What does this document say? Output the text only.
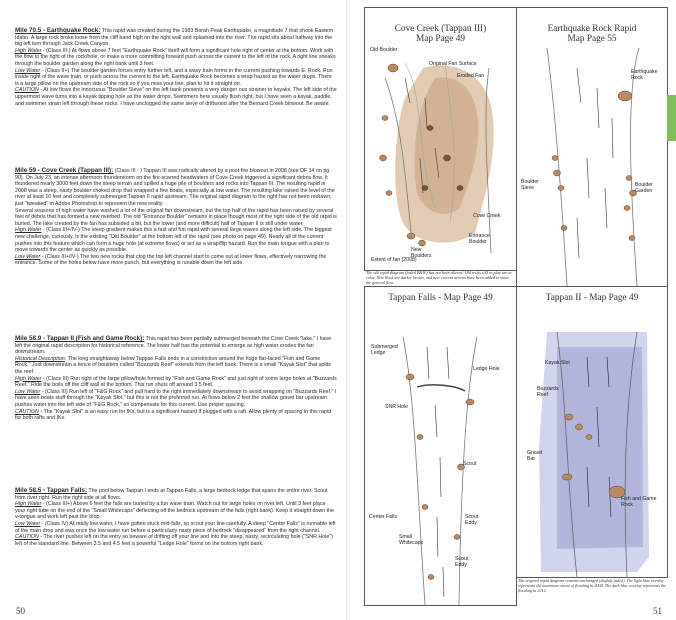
Mile 70.5 - Earthquake Rock: This rapid was created during the 1983 Borah Peak Earthquake, a magnitude 7 that shook Eastern Idaho. A large rock broke loose from the cliff band high on the right wall and splashed into the river. The rapid sits about halfway into the big left turn through Jack Creek Canyon.

High Water - (Class III-) At flows above 7 feet "Earthquake Rock" itself will form a significant hole right of center at the bottom. Work with the flow to the right of the rock/hole, or make a more committing forward push across the current to the left of the rock. A right line sneaks through the boulder garden along the right bank until 3 feet.

Low Water - (Class II+) The boulder garden forces entry further left, and a wavy train forms in the current pushing towards E. Rock. Run inside right of the wave train, or push across the current to the left. Earthquake Rock becomes a wrap hazard as the water drops. There is a large pillow on the upstream side of the rock so if you miss your line, plan to hit it straight on.

CAUTION - At low flows the innocuous "Boulder Sieve" on the left bank presents a very danger ous strainer to kayaks. The left side of the uppermost wave turns into a kayak tipping hole as the water drops. Swimmers here usually flush right, but I have seen a kayak, paddle, and swimmer strain left through these rocks. I have unclogged the same sieve of driftwood after the Bernard Creek blowout. Be aware.

Mile 59 - Cove Creek (Tappan III): (Class III - ) Tappan III was radically altered by a post-fire blowout in 2008 (see DF 14 on pg. 90). On July 23, an intense afternoon thunderstorm on the fire-scarred headwaters of Cove Creek triggered a significant debris flow. It thundered nearly 3000 feet down the steep terrain and spilled a huge pile of boulders and rocks into Tappan III. The resulting rapid in 2008 was a steep, nasty boulder choked drop that wrapped a few boats, especially at low water. The resulting lake raised the level of the river at least 10 feet and completely submerged Tappan II rapid upstream. The original rapid diagram to the right has not been redrawn, just "tweaked" in Adobe Photoshop to represent the new reality.

Several seasons of high water have washed a lot of the original fan downstream, but the top half of the rapid has been raised by several feet of debris that has formed a new riverbed. The old "Entrance Boulder" remains in place though most of the right side of the old rapid is buried. The lake created by the fan has subsided a bit, but the lower (and more difficult) half of Tappan II is still under water.

High Water - (Class III+/IV-) The steep gradient makes this a fast and fun rapid with several large waves along the left side. The biggest new challenge, curiously, is the existing "Old Boulder" at the bottom left of the rapid (see photo on page 49). Nearly all of the current pushes into this feature which can form a huge hole (at extreme flows) or act as a wrap/flip hazard. Run the main tongue with a plan to move towards the center as quickly as possible.

Low Water - (Class III+/IV-) The two new rocks that clog the top left channel start to come out at lower flows, effectively narrowing the entrance. Some of the holes below have more punch, but everything is runable down the left side.

Mile 58.9 - Tappan II (Fish and Game Rock): This rapid has been partially submerged beneath the Cove Creek "lake." I have left the original rapid description for historical reference. The lower half has the potential to emerge as high water erodes the fan downstream.

Historical Description: The long straightaway below Tappan Falls ends in a constriction around the huge flat-faced "Fish and Game Rock." Just downstream a fence of boulders called "Buzzards Reef" extends from the left bank. There is a small "Kayak Slot" that splits the reef.

High Water - (Class III) Run right of the large pillow/hole formed by "Fish and Game Rock" and just right of some large holes at "Buzzards Reef." Ride the boils off the cliff wall at the bottom. This run shuts off around 3.5 feet.

Low Water - (Class III) Run left of "F&G Rock" and pull hard to the right immediately downstream to avoid wrapping on "Buzzards Reef." I have seen boats stuff through the "Kayak Slot," but this is not the preferred run. At flows below 2 feet the shallow gravel bar upstream pushes water into the left side of "F&G Rock," so compensate for this current. Use proper spacing.

CAUTION - The "Kayak Slot" is an easy run for IKs, but is a significant hazard if plugged with a raft. Allow plenty of spacing in this rapid for both rafts and IKs.

Mile 58.5 - Tappan Falls: The pool below Tappan I ends at Tappan Falls, a large bedrock ledge that spans the entire river. Scout from river right. Run the right side at all flows.

High Water - (Class III+) Above 6 feet the falls are buried by a fun wave train. Watch out for large holes on river left. Until 3 feet place your right tube on the end of the "Small Whitecaps" deflecting off the bedrock upstream of the falls (right bank). Keep it straight down the v-tongue and work left past the drop.

Low Water - (Class IV) At really low water, I have gotten stuck mid-falls, so scout your line carefully. A steep "Center Falls" is runnable left of the main drop and was once the low water run before a particularly nasty piece of bedrock "disappeared" from the right channel.

CAUTION - The river pushes left on the entry so beware of drifting off your line and into the steep, nasty, recirculating hole ("SNR Hole") left of the standard line. Between 3.5 and 4.5 feet a powerful "Ledge Hole" forms on the bottom right bank.

50
Cove Creek (Tappan III)
Map Page 49
Old Boulder
Original Fan Surface
Eroded Fan
Cove Creek
New Boulders
Entrance Boulder
Extent of fan (2008)
The old rapid diagram (faded B&W) has not been altered. Old rocks still in play are in color. New Rock are darker brown, and new current arrows have been added to show the general flow.
Earthquake Rock Rapid
Map Page 55
Earthquake Rock
Boulder Sieve	Boulder Garden
Tappan Falls - Map Page 49
Submerged Ledge
Ledge Hole
SNR Hole
Scout
Scout Eddy
Center Falls
Small Whitecaps
Scout Eddy
Tappan II - Map Page 49
Kayak Slot
Buzzards Reef
Gravel Bar
Fish and Game Rock
The original rapid diagram remains unchanged (slightly faded). The light blue overlay represents the maximum extent of flooding in 2008. The dark blue overlay represents the flooding in 2012.
51
